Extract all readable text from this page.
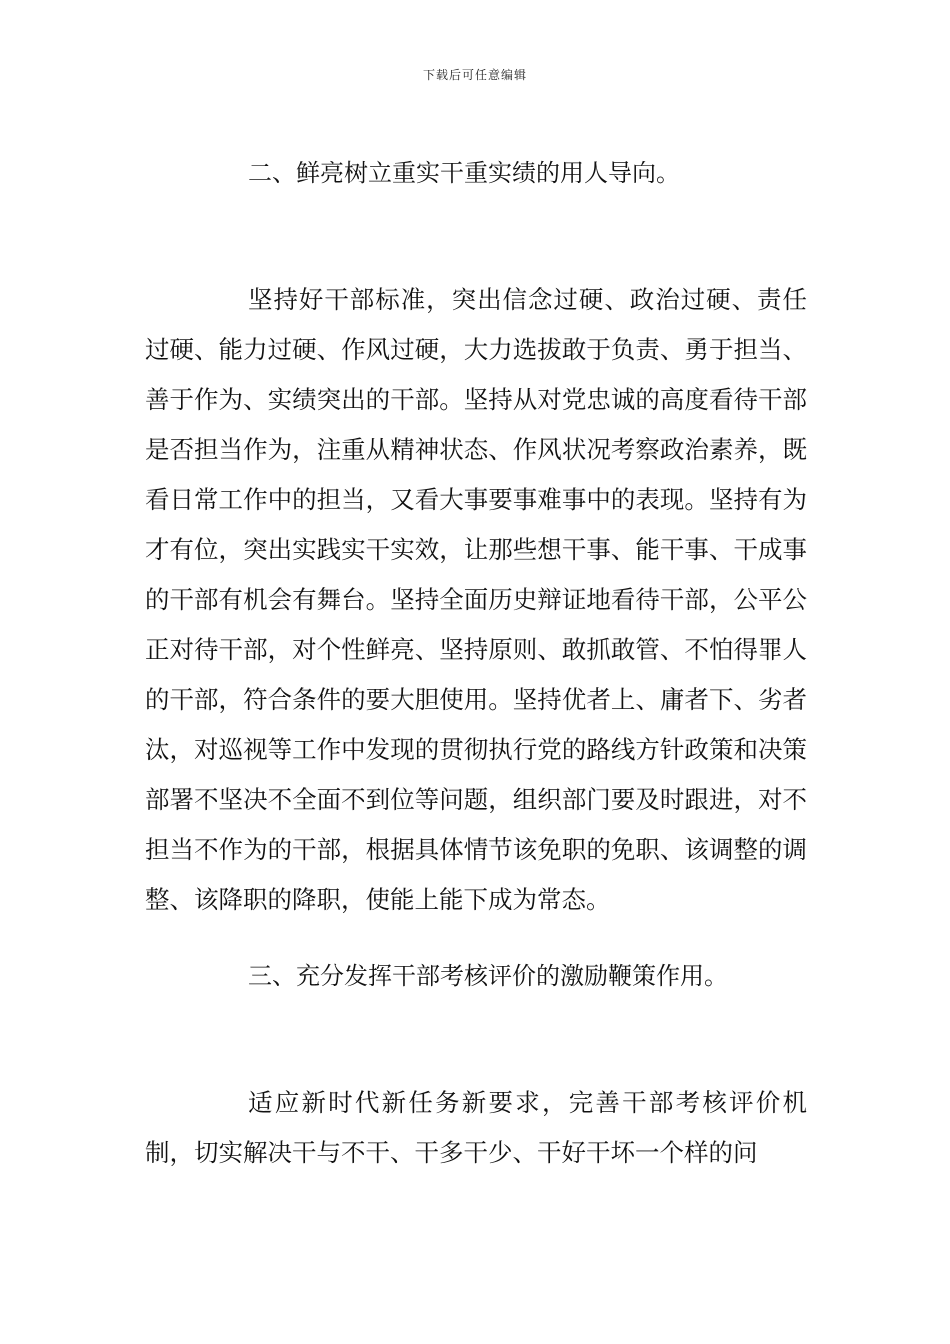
下载后可任意编辑

二、鲜亮树立重实干重实绩的用人导向。

坚持好干部标准，突出信念过硬、政治过硬、责任过硬、能力过硬、作风过硬，大力选拔敢于负责、勇于担当、善于作为、实绩突出的干部。坚持从对党忠诚的高度看待干部是否担当作为，注重从精神状态、作风状况考察政治素养，既看日常工作中的担当，又看大事要事难事中的表现。坚持有为才有位，突出实践实干实效，让那些想干事、能干事、干成事的干部有机会有舞台。坚持全面历史辩证地看待干部，公平公正对待干部，对个性鲜亮、坚持原则、敢抓敢管、不怕得罪人的干部，符合条件的要大胆使用。坚持优者上、庸者下、劣者汰，对巡视等工作中发现的贯彻执行党的路线方针政策和决策部署不坚决不全面不到位等问题，组织部门要及时跟进，对不担当不作为的干部，根据具体情节该免职的免职、该调整的调整、该降职的降职，使能上能下成为常态。

三、充分发挥干部考核评价的激励鞭策作用。

适应新时代新任务新要求，完善干部考核评价机制，切实解决干与不干、干多干少、干好干坏一个样的问
